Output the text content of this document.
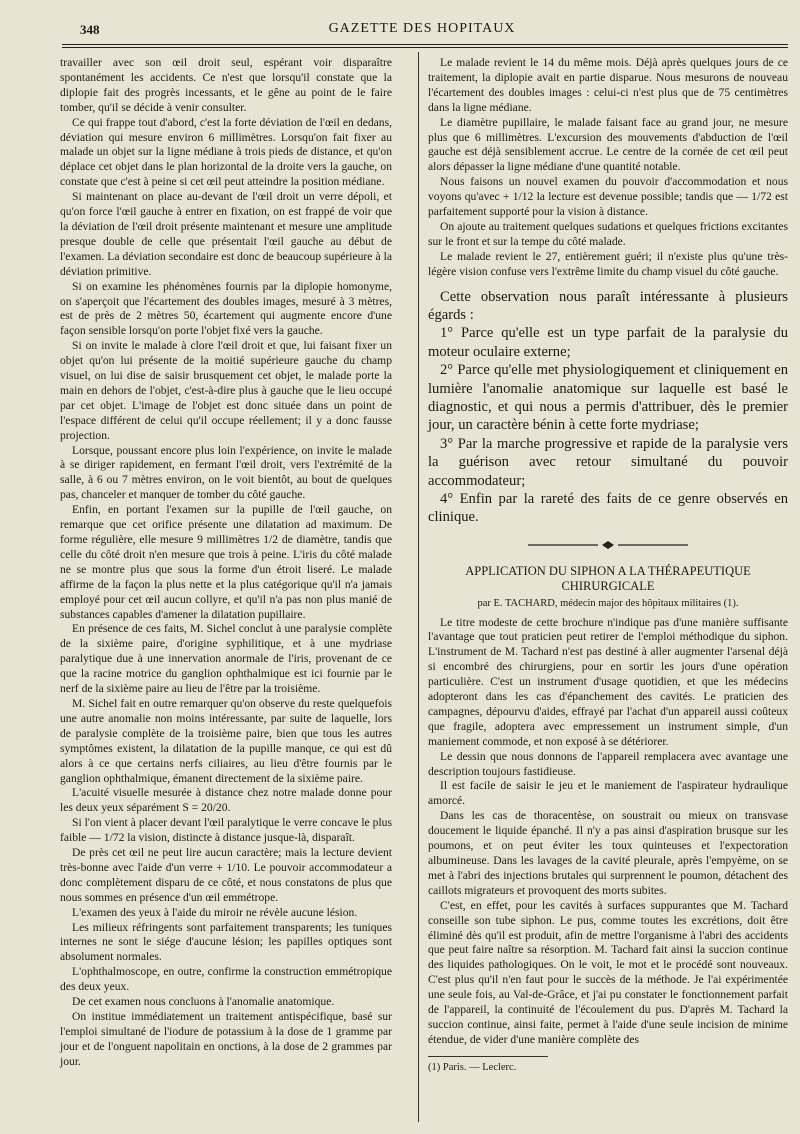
348	GAZETTE DES HOPITAUX

travailler avec son œil droit seul, espérant voir disparaître spontanément les accidents. Ce n'est que lorsqu'il constate que la diplopie fait des progrès incessants, et le gêne au point de le faire tomber, qu'il se décide à venir consulter.

Ce qui frappe tout d'abord, c'est la forte déviation de l'œil en dedans, déviation qui mesure environ 6 millimètres. Lorsqu'on fait fixer au malade un objet sur la ligne médiane à trois pieds de distance, et qu'on déplace cet objet dans le plan horizontal de la droite vers la gauche, on constate que c'est à peine si cet œil peut atteindre la position médiane.

Si maintenant on place au-devant de l'œil droit un verre dépoli, et qu'on force l'œil gauche à entrer en fixation, on est frappé de voir que la déviation de l'œil droit présente maintenant et mesure une amplitude presque double de celle que présentait l'œil gauche au début de l'examen. La déviation secondaire est donc de beaucoup supérieure à la déviation primitive.

Si on examine les phénomènes fournis par la diplopie homonyme, on s'aperçoit que l'écartement des doubles images, mesuré à 3 mètres, est de près de 2 mètres 50, écartement qui augmente encore d'une façon sensible lorsqu'on porte l'objet fixé vers la gauche.

Si on invite le malade à clore l'œil droit et que, lui faisant fixer un objet qu'on lui présente de la moitié supérieure gauche du champ visuel, on lui dise de saisir brusquement cet objet, le malade porte la main en dehors de l'objet, c'est-à-dire plus à gauche que le lieu occupé par cet objet. L'image de l'objet est donc située dans un point de l'espace différent de celui qu'il occupe réellement; il y a donc fausse projection.

Lorsque, poussant encore plus loin l'expérience, on invite le malade à se diriger rapidement, en fermant l'œil droit, vers l'extrémité de la salle, à 6 ou 7 mètres environ, on le voit bientôt, au bout de quelques pas, chanceler et manquer de tomber du côté gauche.

Enfin, en portant l'examen sur la pupille de l'œil gauche, on remarque que cet orifice présente une dilatation ad maximum. De forme régulière, elle mesure 9 millimètres 1/2 de diamètre, tandis que celle du côté droit n'en mesure que trois à peine. L'iris du côté malade ne se montre plus que sous la forme d'un étroit liseré. Le malade affirme de la façon la plus nette et la plus catégorique qu'il n'a jamais employé pour cet œil aucun collyre, et qu'il n'a pas non plus manié de substances capables d'amener la dilatation pupillaire.

En présence de ces faits, M. Sichel conclut à une paralysie complète de la sixième paire, d'origine syphilitique, et à une mydriase paralytique due à une innervation anormale de l'iris, provenant de ce que la racine motrice du ganglion ophthalmique est ici fournie par le nerf de la sixième paire au lieu de l'être par la troisième.

M. Sichel fait en outre remarquer qu'on observe du reste quelquefois une autre anomalie non moins intéressante, par suite de laquelle, lors de paralysie complète de la troisième paire, bien que tous les autres symptômes existent, la dilatation de la pupille manque, ce qui est dû alors à ce que certains nerfs ciliaires, au lieu d'être fournis par le ganglion ophthalmique, émanent directement de la sixième paire.

L'acuité visuelle mesurée à distance chez notre malade donne pour les deux yeux séparément S = 20/20.

Si l'on vient à placer devant l'œil paralytique le verre concave le plus faible — 1/72 la vision, distincte à distance jusque-là, disparaît.

De près cet œil ne peut lire aucun caractère; mais la lecture devient très-bonne avec l'aide d'un verre + 1/10. Le pouvoir accommodateur a donc complètement disparu de ce côté, et nous constatons de plus que nous sommes en présence d'un œil emmétrope.

L'examen des yeux à l'aide du miroir ne révèle aucune lésion.

Les milieux réfringents sont parfaitement transparents; les tuniques internes ne sont le siége d'aucune lésion; les papilles optiques sont absolument normales.

L'ophthalmoscope, en outre, confirme la construction emmétropique des deux yeux.

De cet examen nous concluons à l'anomalie anatomique.

On institue immédiatement un traitement antispécifique, basé sur l'emploi simultané de l'iodure de potassium à la dose de 1 gramme par jour et de l'onguent napolitain en onctions, à la dose de 2 grammes par jour.

Le malade revient le 14 du même mois. Déjà après quelques jours de ce traitement, la diplopie avait en partie disparue. Nous mesurons de nouveau l'écartement des doubles images : celui-ci n'est plus que de 75 centimètres dans la ligne médiane.

Le diamètre pupillaire, le malade faisant face au grand jour, ne mesure plus que 6 millimètres. L'excursion des mouvements d'abduction de l'œil gauche est déjà sensiblement accrue. Le centre de la cornée de cet œil peut alors dépasser la ligne médiane d'une quantité notable.

Nous faisons un nouvel examen du pouvoir d'accommodation et nous voyons qu'avec + 1/12 la lecture est devenue possible; tandis que — 1/72 est parfaitement supporté pour la vision à distance.

On ajoute au traitement quelques sudations et quelques frictions excitantes sur le front et sur la tempe du côté malade.

Le malade revient le 27, entièrement guéri; il n'existe plus qu'une très-légère vision confuse vers l'extrême limite du champ visuel du côté gauche.

Cette observation nous paraît intéressante à plusieurs égards :

1° Parce qu'elle est un type parfait de la paralysie du moteur oculaire externe;

2° Parce qu'elle met physiologiquement et cliniquement en lumière l'anomalie anatomique sur laquelle est basé le diagnostic, et qui nous a permis d'attribuer, dès le premier jour, un caractère bénin à cette forte mydriase;

3° Par la marche progressive et rapide de la paralysie vers la guérison avec retour simultané du pouvoir accommodateur;

4° Enfin par la rareté des faits de ce genre observés en clinique.

APPLICATION DU SIPHON A LA THÉRAPEUTIQUE CHIRURGICALE

par E. TACHARD, médecin major des hôpitaux militaires (1).

Le titre modeste de cette brochure n'indique pas d'une manière suffisante l'avantage que tout praticien peut retirer de l'emploi méthodique du siphon. L'instrument de M. Tachard n'est pas destiné à aller augmenter l'arsenal déjà si encombré des chirurgiens, pour en sortir les jours d'une opération particulière. C'est un instrument d'usage quotidien, et que les médecins adopteront dans les cas d'épanchement des cavités. Le praticien des campagnes, dépourvu d'aides, effrayé par l'achat d'un appareil aussi coûteux que fragile, adoptera avec empressement un instrument simple, d'un maniement commode, et non exposé à se détériorer.

Le dessin que nous donnons de l'appareil remplacera avec avantage une description toujours fastidieuse.

Il est facile de saisir le jeu et le maniement de l'aspirateur hydraulique amorcé.

Dans les cas de thoracentèse, on soustrait ou mieux on transvase doucement le liquide épanché. Il n'y a pas ainsi d'aspiration brusque sur les poumons, et on peut éviter les toux quinteuses et l'expectoration albumineuse. Dans les lavages de la cavité pleurale, après l'empyème, on se met à l'abri des injections brutales qui surprennent le poumon, détachent des caillots migrateurs et provoquent des morts subites.

C'est, en effet, pour les cavités à surfaces suppurantes que M. Tachard conseille son tube siphon. Le pus, comme toutes les excrétions, doit être éliminé dès qu'il est produit, afin de mettre l'organisme à l'abri des accidents que peut faire naître sa résorption. M. Tachard fait ainsi la succion continue des liquides pathologiques. On le voit, le mot et le procédé sont nouveaux. C'est plus qu'il n'en faut pour le succès de la méthode. Je l'ai expérimentée une seule fois, au Val-de-Grâce, et j'ai pu constater le fonctionnement parfait de l'appareil, la continuité de l'écoulement du pus. D'après M. Tachard la succion continue, ainsi faite, permet à l'aide d'une seule incision de minime étendue, de vider d'une manière complète des

(1) Paris. — Leclerc.
